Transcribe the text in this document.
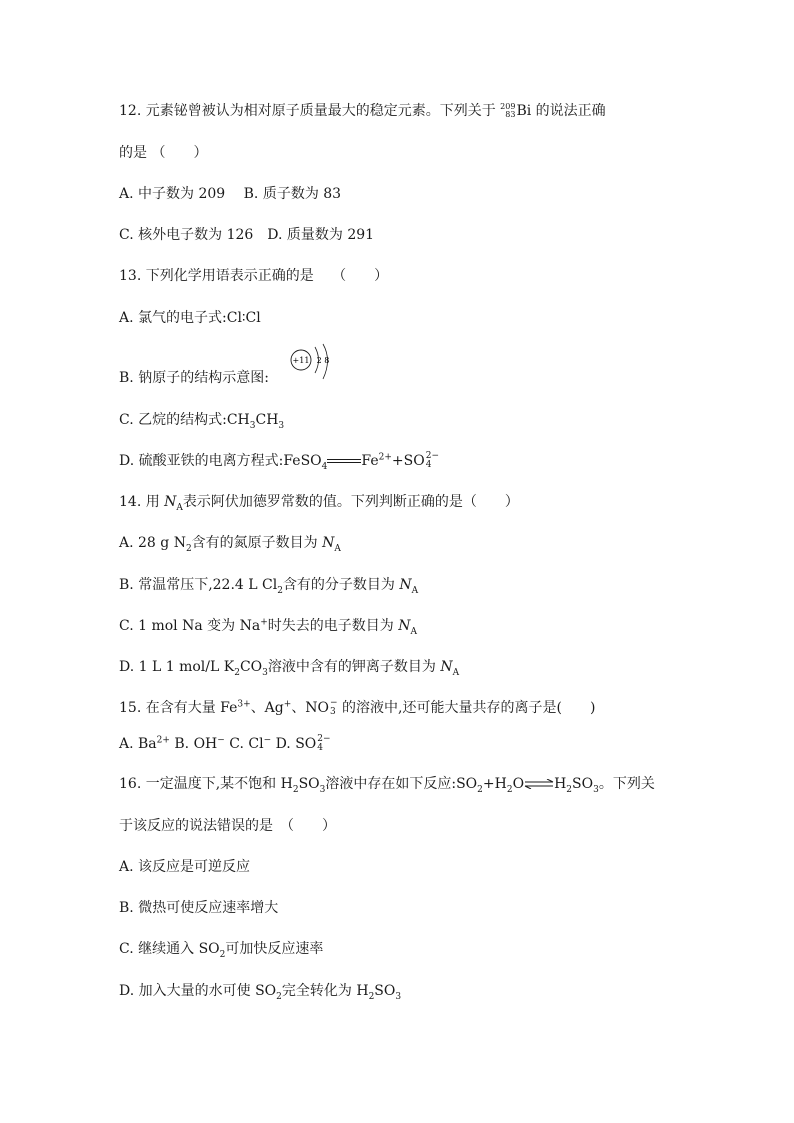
12. 元素铋曾被认为相对原子质量最大的稳定元素。下列关于 209
83 Bi 的说法正确
的是 （　　）
A. 中子数为 209　 B. 质子数为 83
C. 核外电子数为 126　D. 质量数为 291
13. 下列化学用语表示正确的是　 （　　）
A. 氯气的电子式:Cl∶Cl
B. 钠原子的结构示意图:
+11 2 8
C. 乙烷的结构式$:CH_3CH_3$
D. 硫酸亚铁的电离方程式:FeSO$_4$ $Fe^{2+}+SO$ 2−
4
14. 用 $N_A$表示阿伏加德罗常数的值。下列判断正确的是（　　）
A. 28 g $N_2$含有的氮原子数目为 $N_A$
B. 常温常压下,22.4 L $Cl_2$含有的分子数目为 $N_A$
C. 1 mol Na 变为 Na+时失去的电子数目为 $N_A$
D. 1 L 1 mol/L $K_2CO_3$溶液中含有的钾离子数目为 $N_A$
15. 在含有大量 $Fe^{3+}$、Ag+、NO −
3 的溶液中,还可能大量共存的离子是(　　)
A. $Ba^{2+}$ B. OH− C. Cl− D. SO 2−
4
16. 一定温度下,某不饱和 $H_2SO_3$溶液中存在如下反应$:SO_2+H_2O\rightleftharpoons H_2SO_3$。下列关
于该反应的说法错误的是　（　　）
A. 该反应是可逆反应
B. 微热可使反应速率增大
C. 继续通入 $SO_2$可加快反应速率
D. 加入大量的水可使 $SO_2$完全转化为 $H_2SO_3$
